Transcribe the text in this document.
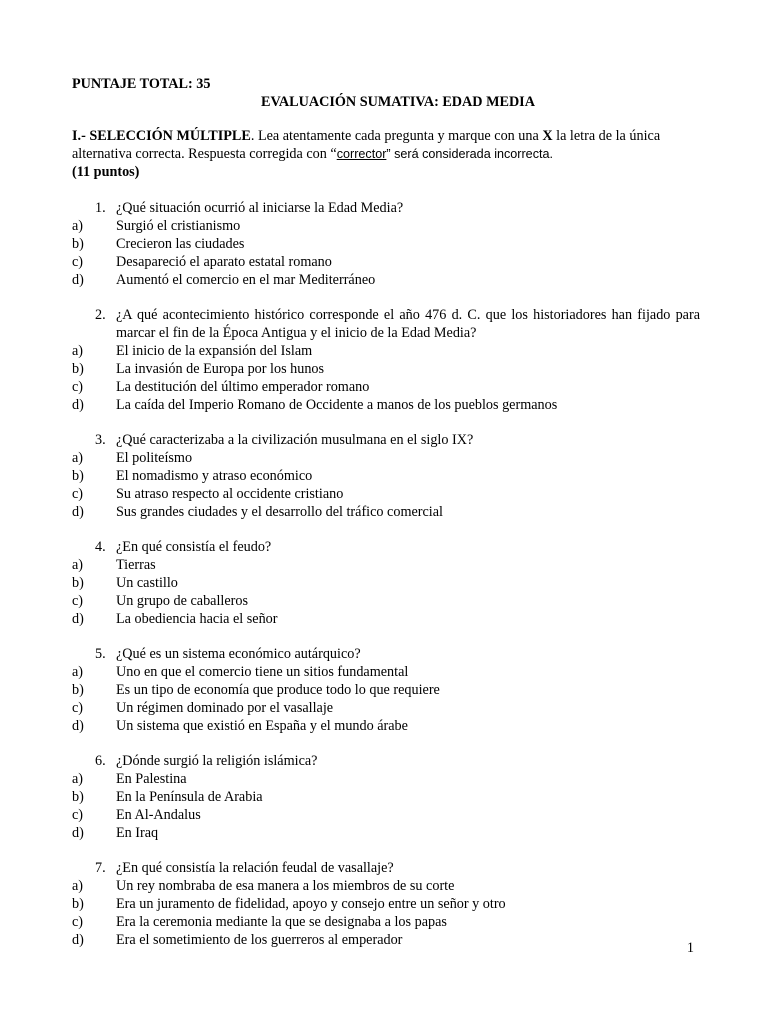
PUNTAJE TOTAL: 35
EVALUACIÓN SUMATIVA: EDAD MEDIA
I.- SELECCIÓN MÚLTIPLE. Lea atentamente cada pregunta y marque con una X la letra de la única
alternativa correcta. Respuesta corregida con “corrector” será considerada incorrecta.
(11 puntos)
1. ¿Qué situación ocurrió al iniciarse la Edad Media?
a)	Surgió el cristianismo
b)	Crecieron las ciudades
c)	Desapareció el aparato estatal romano
d)	Aumentó el comercio en el mar Mediterráneo
2. ¿A qué acontecimiento histórico corresponde el año 476 d. C. que los historiadores han fijado para marcar el fin de la Época Antigua y el inicio de la Edad Media?
a)	El inicio de la expansión del Islam
b)	La invasión de Europa por los hunos
c)	La destitución del último emperador romano
d)	La caída del Imperio Romano de Occidente a manos de los pueblos germanos
3. ¿Qué caracterizaba a la civilización musulmana en el siglo IX?
a)	El politeísmo
b)	El nomadismo y atraso económico
c)	Su atraso respecto al occidente cristiano
d)	Sus grandes ciudades y el desarrollo del tráfico comercial
4. ¿En qué consistía el feudo?
a)	Tierras
b)	Un castillo
c)	Un grupo de caballeros
d)	La obediencia hacia el señor
5. ¿Qué es un sistema económico autárquico?
a)	Uno en que el comercio tiene un sitios fundamental
b)	Es un tipo de economía que produce todo lo que requiere
c)	Un régimen dominado por el vasallaje
d)	Un sistema que existió en España y el mundo árabe
6. ¿Dónde surgió la religión islámica?
a)	En Palestina
b)	En la Península de Arabia
c)	En Al-Andalus
d)	En Iraq
7. ¿En qué consistía la relación feudal de vasallaje?
a)	Un rey nombraba de esa manera a los miembros de su corte
b)	Era un juramento de fidelidad, apoyo y consejo entre un señor y otro
c)	Era la ceremonia mediante la que se designaba a los papas
d)	Era el sometimiento de los guerreros al emperador	1
